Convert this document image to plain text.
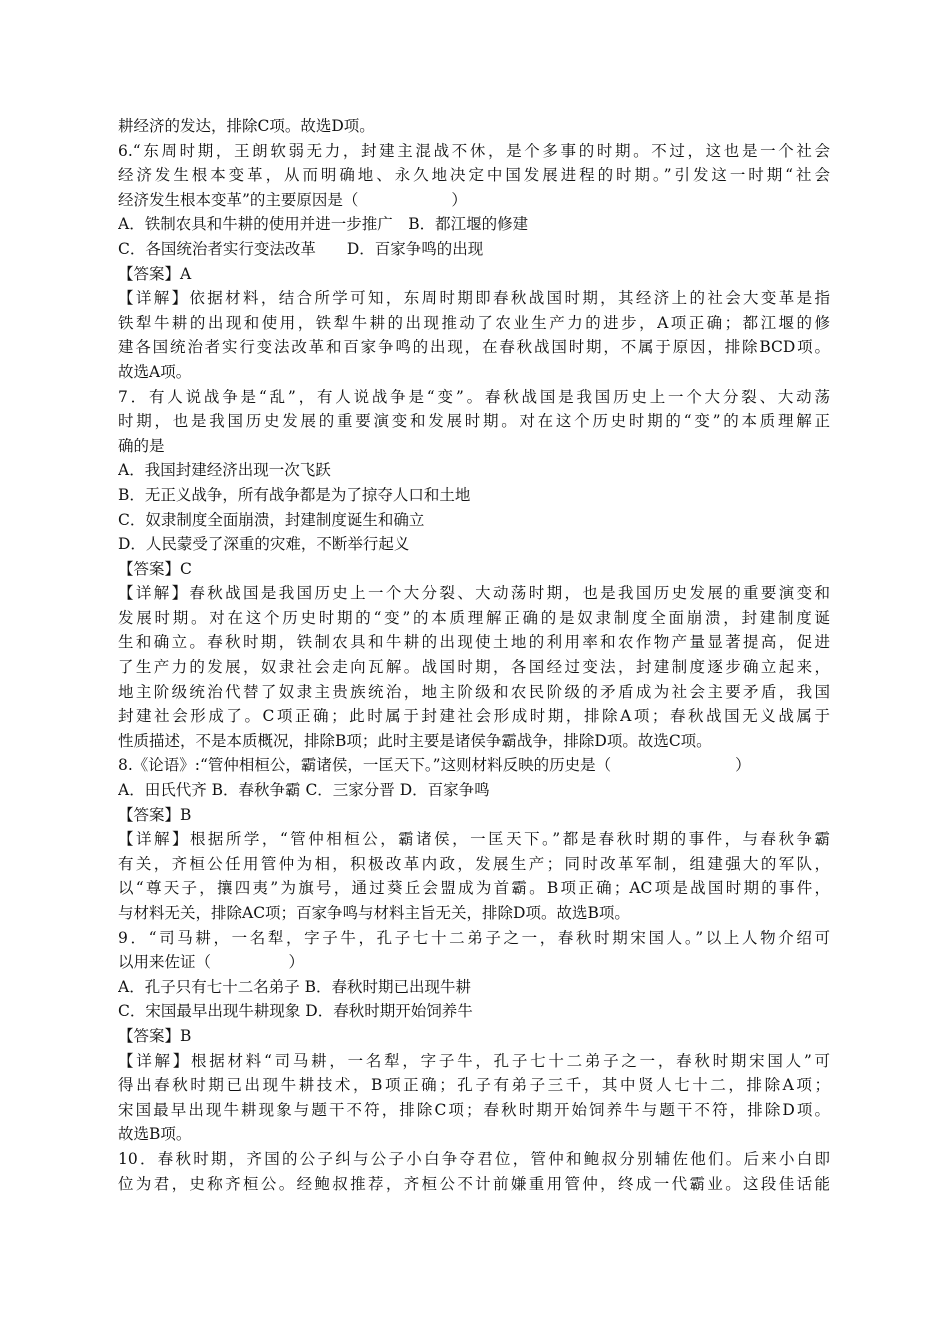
耕经济的发达，排除C项。故选D项。
6.“东周时期，王朗软弱无力，封建主混战不休，是个多事的时期。不过，这也是一个社会
经济发生根本变革，从而明确地、永久地决定中国发展进程的时期。”引发这一时期“社会
经济发生根本变革”的主要原因是（　　　　　　）
A．铁制农具和牛耕的使用并进一步推广　B．都江堰的修建
C．各国统治者实行变法改革　　D．百家争鸣的出现
【答案】A
【详解】依据材料，结合所学可知，东周时期即春秋战国时期，其经济上的社会大变革是指
铁犁牛耕的出现和使用，铁犁牛耕的出现推动了农业生产力的进步，A项正确；都江堰的修
建各国统治者实行变法改革和百家争鸣的出现，在春秋战国时期，不属于原因，排除BCD项。
故选A项。
7．有人说战争是“乱”，有人说战争是“变”。春秋战国是我国历史上一个大分裂、大动荡
时期，也是我国历史发展的重要演变和发展时期。对在这个历史时期的“变”的本质理解正
确的是
A．我国封建经济出现一次飞跃
B．无正义战争，所有战争都是为了掠夺人口和土地
C．奴隶制度全面崩溃，封建制度诞生和确立
D．人民蒙受了深重的灾难，不断举行起义
【答案】C
【详解】春秋战国是我国历史上一个大分裂、大动荡时期，也是我国历史发展的重要演变和
发展时期。对在这个历史时期的“变”的本质理解正确的是奴隶制度全面崩溃，封建制度诞
生和确立。春秋时期，铁制农具和牛耕的出现使土地的利用率和农作物产量显著提高，促进
了生产力的发展，奴隶社会走向瓦解。战国时期，各国经过变法，封建制度逐步确立起来，
地主阶级统治代替了奴隶主贵族统治，地主阶级和农民阶级的矛盾成为社会主要矛盾，我国
封建社会形成了。C项正确；此时属于封建社会形成时期，排除A项；春秋战国无义战属于
性质描述，不是本质概况，排除B项；此时主要是诸侯争霸战争，排除D项。故选C项。
8.《论语》:“管仲相桓公，霸诸侯，一匡天下。”这则材料反映的历史是（　　　　　　　　）
A．田氏代齐 B．春秋争霸 C．三家分晋 D．百家争鸣
【答案】B
【详解】根据所学，“管仲相桓公，霸诸侯，一匡天下。”都是春秋时期的事件，与春秋争霸
有关，齐桓公任用管仲为相，积极改革内政，发展生产；同时改革军制，组建强大的军队，
以“尊天子，攘四夷”为旗号，通过葵丘会盟成为首霸。B项正确；AC项是战国时期的事件，
与材料无关，排除AC项；百家争鸣与材料主旨无关，排除D项。故选B项。
9．“司马耕，一名犁，字子牛，孔子七十二弟子之一，春秋时期宋国人。”以上人物介绍可
以用来佐证（　　　　　）
A．孔子只有七十二名弟子 B．春秋时期已出现牛耕
C．宋国最早出现牛耕现象 D．春秋时期开始饲养牛
【答案】B
【详解】根据材料“司马耕，一名犁，字子牛，孔子七十二弟子之一，春秋时期宋国人”可
得出春秋时期已出现牛耕技术，B项正确；孔子有弟子三千，其中贤人七十二，排除A项；
宋国最早出现牛耕现象与题干不符，排除C项；春秋时期开始饲养牛与题干不符，排除D项。
故选B项。
10．春秋时期，齐国的公子纠与公子小白争夺君位，管仲和鲍叔分别辅佐他们。后来小白即
位为君，史称齐桓公。经鲍叔推荐，齐桓公不计前嫌重用管仲，终成一代霸业。这段佳话能
